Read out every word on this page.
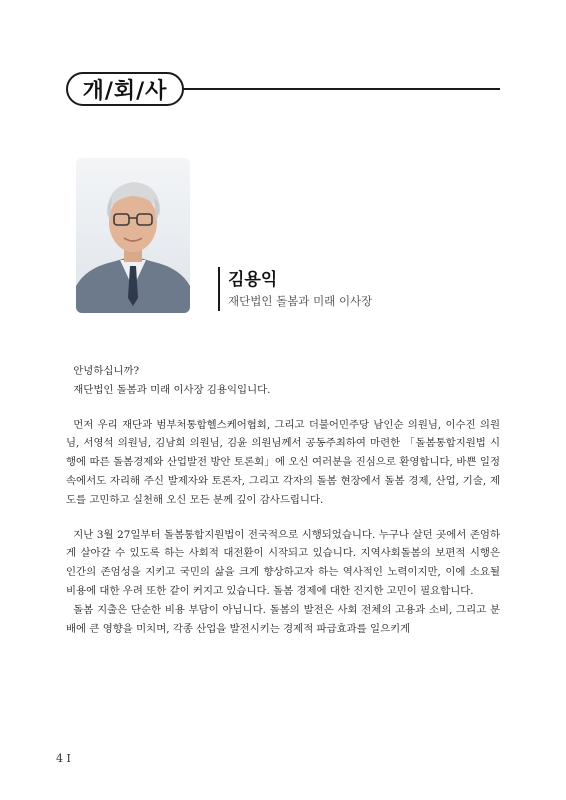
개/회/사
김용익
재단법인 돌봄과 미래 이사장

안녕하십니까?

재단법인 돌봄과 미래 이사장 김용익입니다.

먼저 우리 재단과 범부처통합헬스케어협회, 그리고 더불어민주당 남인순 의원님, 이수진 의원님, 서영석 의원님, 김남희 의원님, 김윤 의원님께서 공동주최하여 마련한 「돌봄통합지원법 시행에 따른 돌봄경제와 산업발전 방안 토론회」에 오신 여러분을 진심으로 환영합니다, 바쁜 일정 속에서도 자리해 주신 발제자와 토론자, 그리고 각자의 돌봄 현장에서 돌봄 경제, 산업, 기술, 제도를 고민하고 실천해 오신 모든 분께 깊이 감사드립니다.

지난 3월 27일부터 돌봄통합지원법이 전국적으로 시행되었습니다. 누구나 살던 곳에서 존엄하게 살아갈 수 있도록 하는 사회적 대전환이 시작되고 있습니다. 지역사회돌봄의 보편적 시행은 인간의 존엄성을 지키고 국민의 삶을 크게 향상하고자 하는 역사적인 노력이지만, 이에 소요될 비용에 대한 우려 또한 같이 커지고 있습니다. 돌봄 경제에 대한 진지한 고민이 필요합니다.

돌봄 지출은 단순한 비용 부담이 아닙니다. 돌봄의 발전은 사회 전체의 고용과 소비, 그리고 분배에 큰 영향을 미치며, 각종 산업을 발전시키는 경제적 파급효과를 일으키게

4 I
